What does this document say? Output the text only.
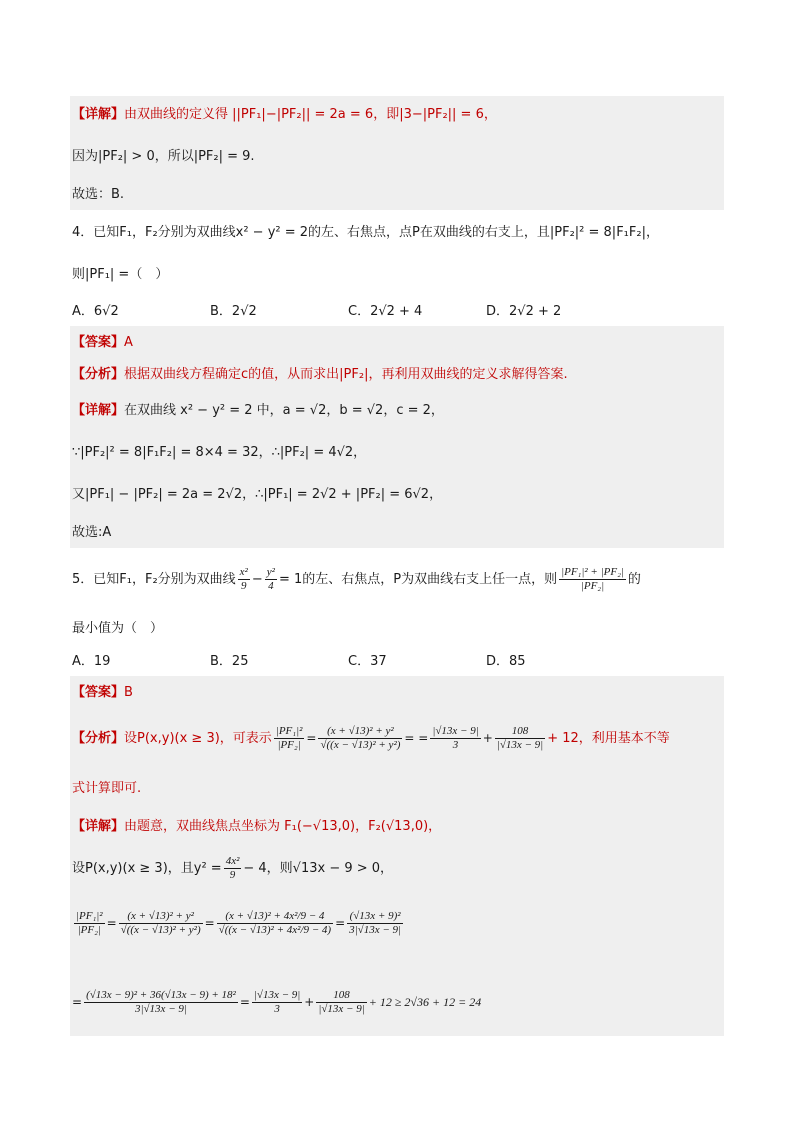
【详解】由双曲线的定义得 ||PF₁|−|PF₂|| = 2a = 6，即|3−|PF₂|| = 6，
因为|PF₂| > 0，所以|PF₂| = 9.
故选：B.
4．已知F₁，F₂分别为双曲线x² − y² = 2的左、右焦点，点P在双曲线的右支上，且|PF₂|² = 8|F₁F₂|，
则|PF₁| =（　）
A．6√2	B．2√2	C．2√2 + 4	D．2√2 + 2
【答案】A
【分析】根据双曲线方程确定c的值，从而求出|PF₂|，再利用双曲线的定义求解得答案.
【详解】在双曲线 x² − y² = 2 中，a = √2，b = √2，c = 2，
∵|PF₂|² = 8|F₁F₂| = 8×4 = 32，∴|PF₂| = 4√2，
又|PF₁| − |PF₂| = 2a = 2√2，∴|PF₁| = 2√2 + |PF₂| = 6√2，
故选:A
5．已知F₁，F₂分别为双曲线 $\frac{\text{x²}}{9} - \frac{\text{y²}}{4} = 1$的左、右焦点，P为双曲线右支上任一点，则 $\frac{\text{|PF₁|² + |PF₂|}}{\text{|PF₂|}}$ 的
最小值为（　）
A．19	B．25	C．37	D．85
【答案】B
【分析】设P(x,y)(x ≥ 3)，可表示 $\frac{\text{|PF₁|²}}{\text{|PF₂|}} = \frac{\text{(x + √13)² + y²}}{\text{√((x − √13)² + y²)}}$ = = $\frac{|√13x - 9|}{3} + \frac{108}{|√13x - 9|} + 12$，利用基本不等
式计算即可.
【详解】由题意，双曲线焦点坐标为 F₁(−√13,0)，F₂(√13,0)，
设P(x,y)(x ≥ 3)，且$y^2 = \frac{\text{4x²}}{9} - 4$，则√13x − 9 > 0，
$\frac{\text{|PF₁|²}}{\text{|PF₂|}} = \frac{\text{(x + √13)² + y²}}{\text{√((x − √13)² + y²)}} = \frac{\text{(x + √13)² + 4x²/9 − 4}}{\text{√((x − √13)² + 4x²/9 − 4)}} = \frac{\text{(√13x + 9)²}}{3|√13x - 9|}$
= $\frac{\text{(√13x − 9)² + 36(√13x − 9) + 18²}}{3|√13x - 9|} = \frac{|√13x - 9|}{3} + \frac{108}{|√13x - 9|} + 12 \ge 2√36 + 12 = 24$
